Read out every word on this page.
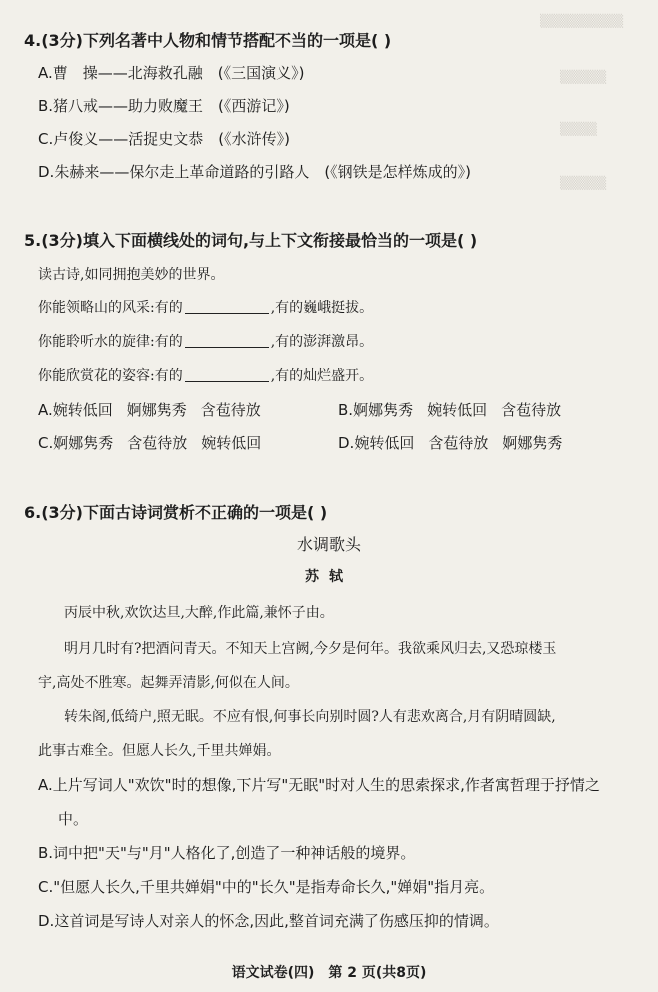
▒▒▒▒▒▒▒▒▒
▒▒▒▒▒
▒▒▒▒
▒▒▒▒▒
4.(3分)下列名著中人物和情节搭配不当的一项是( )
A.曹　操——北海救孔融　(《三国演义》)
B.猪八戒——助力败魔王　(《西游记》)
C.卢俊义——活捉史文恭　(《水浒传》)
D.朱赫来——保尔走上革命道路的引路人　(《钢铁是怎样炼成的》)
5.(3分)填入下面横线处的词句,与上下文衔接最恰当的一项是( )
读古诗,如同拥抱美妙的世界。
你能领略山的风采:有的	,有的巍峨挺拔。
你能聆听水的旋律:有的	,有的澎湃激昂。
你能欣赏花的姿容:有的	,有的灿烂盛开。
A.婉转低回 婀娜隽秀 含苞待放	B.婀娜隽秀 婉转低回 含苞待放
C.婀娜隽秀 含苞待放 婉转低回	D.婉转低回 含苞待放 婀娜隽秀
6.(3分)下面古诗词赏析不正确的一项是( )
水调歌头
苏轼
丙辰中秋,欢饮达旦,大醉,作此篇,兼怀子由。
明月几时有?把酒问青天。不知天上宫阙,今夕是何年。我欲乘风归去,又恐琼楼玉
宇,高处不胜寒。起舞弄清影,何似在人间。
转朱阁,低绮户,照无眠。不应有恨,何事长向别时圆?人有悲欢离合,月有阴晴圆缺,
此事古难全。但愿人长久,千里共婵娟。
A.上片写词人"欢饮"时的想像,下片写"无眠"时对人生的思索探求,作者寓哲理于抒情之
中。
B.词中把"天"与"月"人格化了,创造了一种神话般的境界。
C."但愿人长久,千里共婵娟"中的"长久"是指寿命长久,"婵娟"指月亮。
D.这首词是写诗人对亲人的怀念,因此,整首词充满了伤感压抑的情调。
语文试卷(四)　第 2 页(共8页)
